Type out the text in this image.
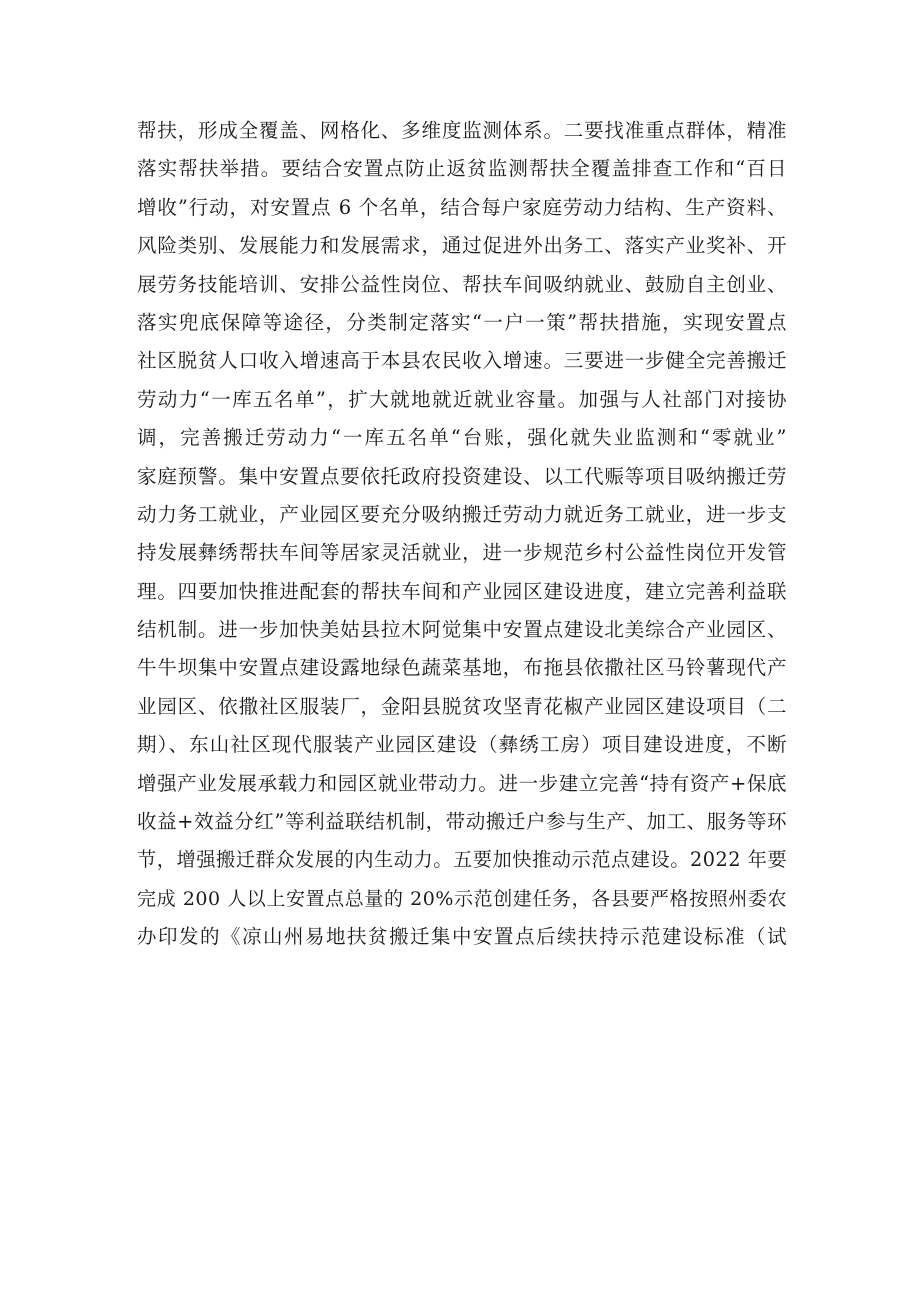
帮扶，形成全覆盖、网格化、多维度监测体系。二要找准重点群体，精准
落实帮扶举措。要结合安置点防止返贫监测帮扶全覆盖排查工作和“百日
增收”行动，对安置点 6 个名单，结合每户家庭劳动力结构、生产资料、
风险类别、发展能力和发展需求，通过促进外出务工、落实产业奖补、开
展劳务技能培训、安排公益性岗位、帮扶车间吸纳就业、鼓励自主创业、
落实兜底保障等途径，分类制定落实“一户一策”帮扶措施，实现安置点
社区脱贫人口收入增速高于本县农民收入增速。三要进一步健全完善搬迁
劳动力“一库五名单”，扩大就地就近就业容量。加强与人社部门对接协
调，完善搬迁劳动力“一库五名单“台账，强化就失业监测和“零就业”
家庭预警。集中安置点要依托政府投资建设、以工代赈等项目吸纳搬迁劳
动力务工就业，产业园区要充分吸纳搬迁劳动力就近务工就业，进一步支
持发展彝绣帮扶车间等居家灵活就业，进一步规范乡村公益性岗位开发管
理。四要加快推进配套的帮扶车间和产业园区建设进度，建立完善利益联
结机制。进一步加快美姑县拉木阿觉集中安置点建设北美综合产业园区、
牛牛坝集中安置点建设露地绿色蔬菜基地，布拖县依撒社区马铃薯现代产
业园区、依撒社区服装厂，金阳县脱贫攻坚青花椒产业园区建设项目（二
期）、东山社区现代服装产业园区建设（彝绣工房）项目建设进度，不断
增强产业发展承载力和园区就业带动力。进一步建立完善“持有资产+保底
收益+效益分红”等利益联结机制，带动搬迁户参与生产、加工、服务等环
节，增强搬迁群众发展的内生动力。五要加快推动示范点建设。2022 年要
完成 200 人以上安置点总量的 20%示范创建任务，各县要严格按照州委农
办印发的《凉山州易地扶贫搬迁集中安置点后续扶持示范建设标准（试
